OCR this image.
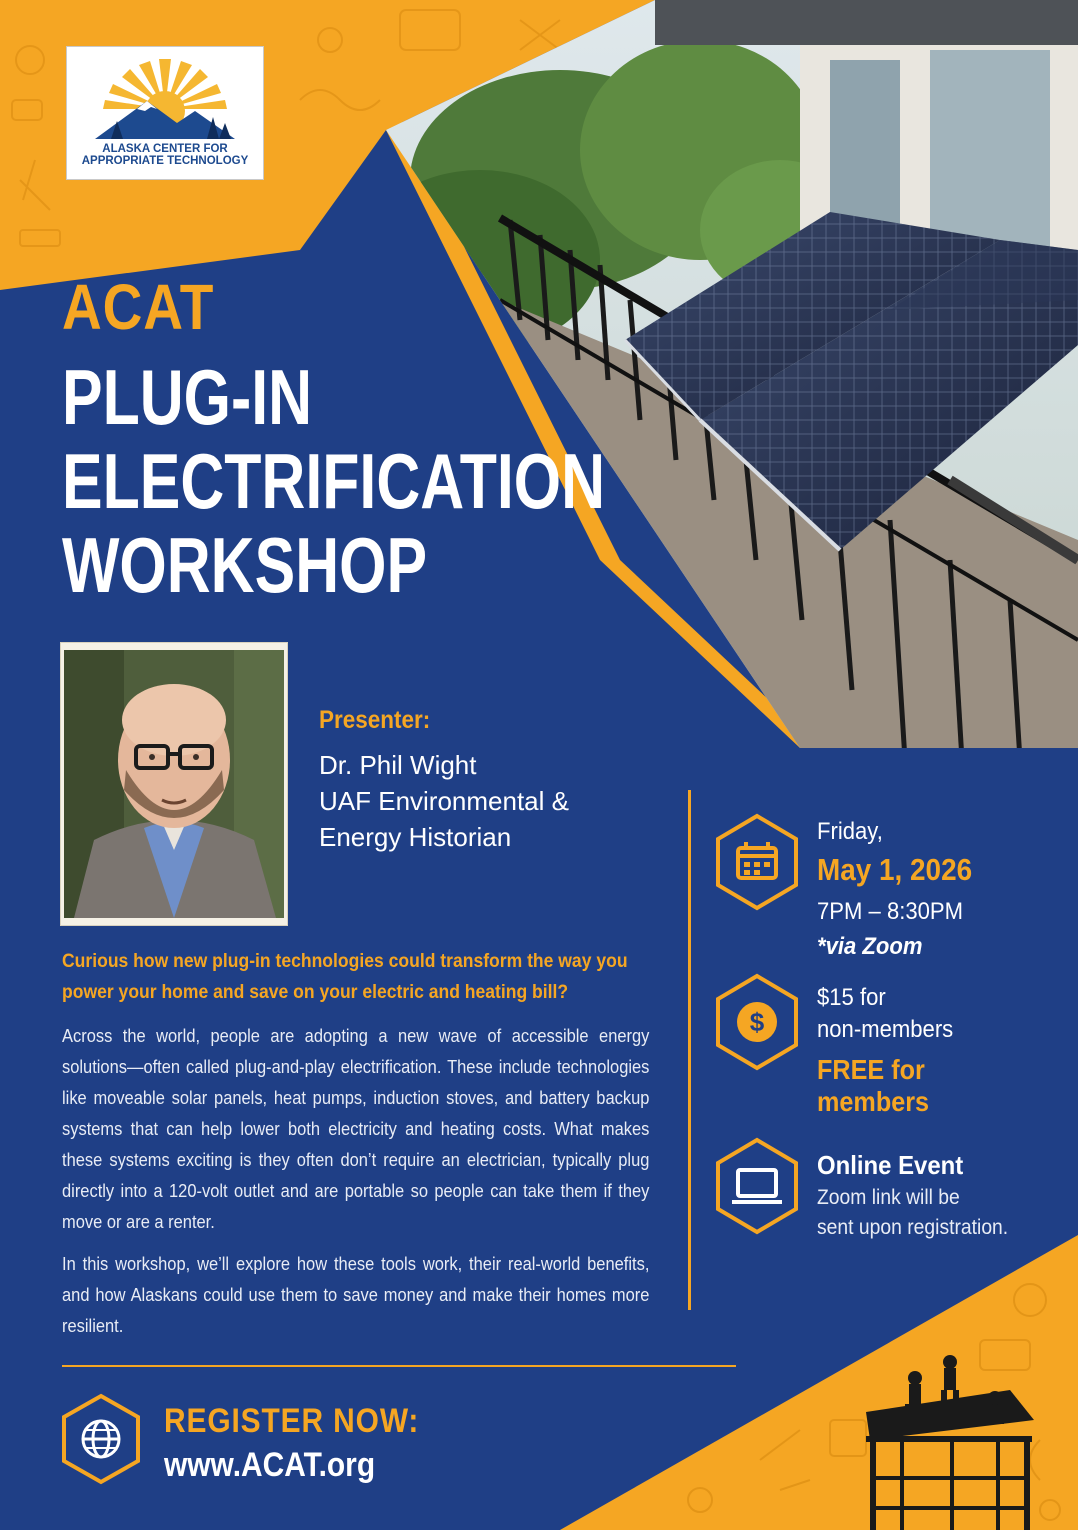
ALASKA CENTER FOR
APPROPRIATE TECHNOLOGY
ACAT
PLUG-IN
ELECTRIFICATION
WORKSHOP
Presenter:
Dr. Phil Wight
UAF Environmental &
Energy Historian
Curious how new plug-in technologies could transform the way you power your home and save on your electric and heating bill?
Across the world, people are adopting a new wave of accessible energy solutions—often called plug-and-play electrification. These include technologies like moveable solar panels, heat pumps, induction stoves, and battery backup systems that can help lower both electricity and heating costs. What makes these systems exciting is they often don’t require an electrician, typically plug directly into a 120-volt outlet and are portable so people can take them if they move or are a renter.
In this workshop, we’ll explore how these tools work, their real-world benefits, and how Alaskans could use them to save money and make their homes more resilient.
Friday,
May 1, 2026
7PM – 8:30PM
*via Zoom
$
$15 for
non-members
FREE for
members
Online Event
Zoom link will be
sent upon registration.
REGISTER NOW:
www.ACAT.org
